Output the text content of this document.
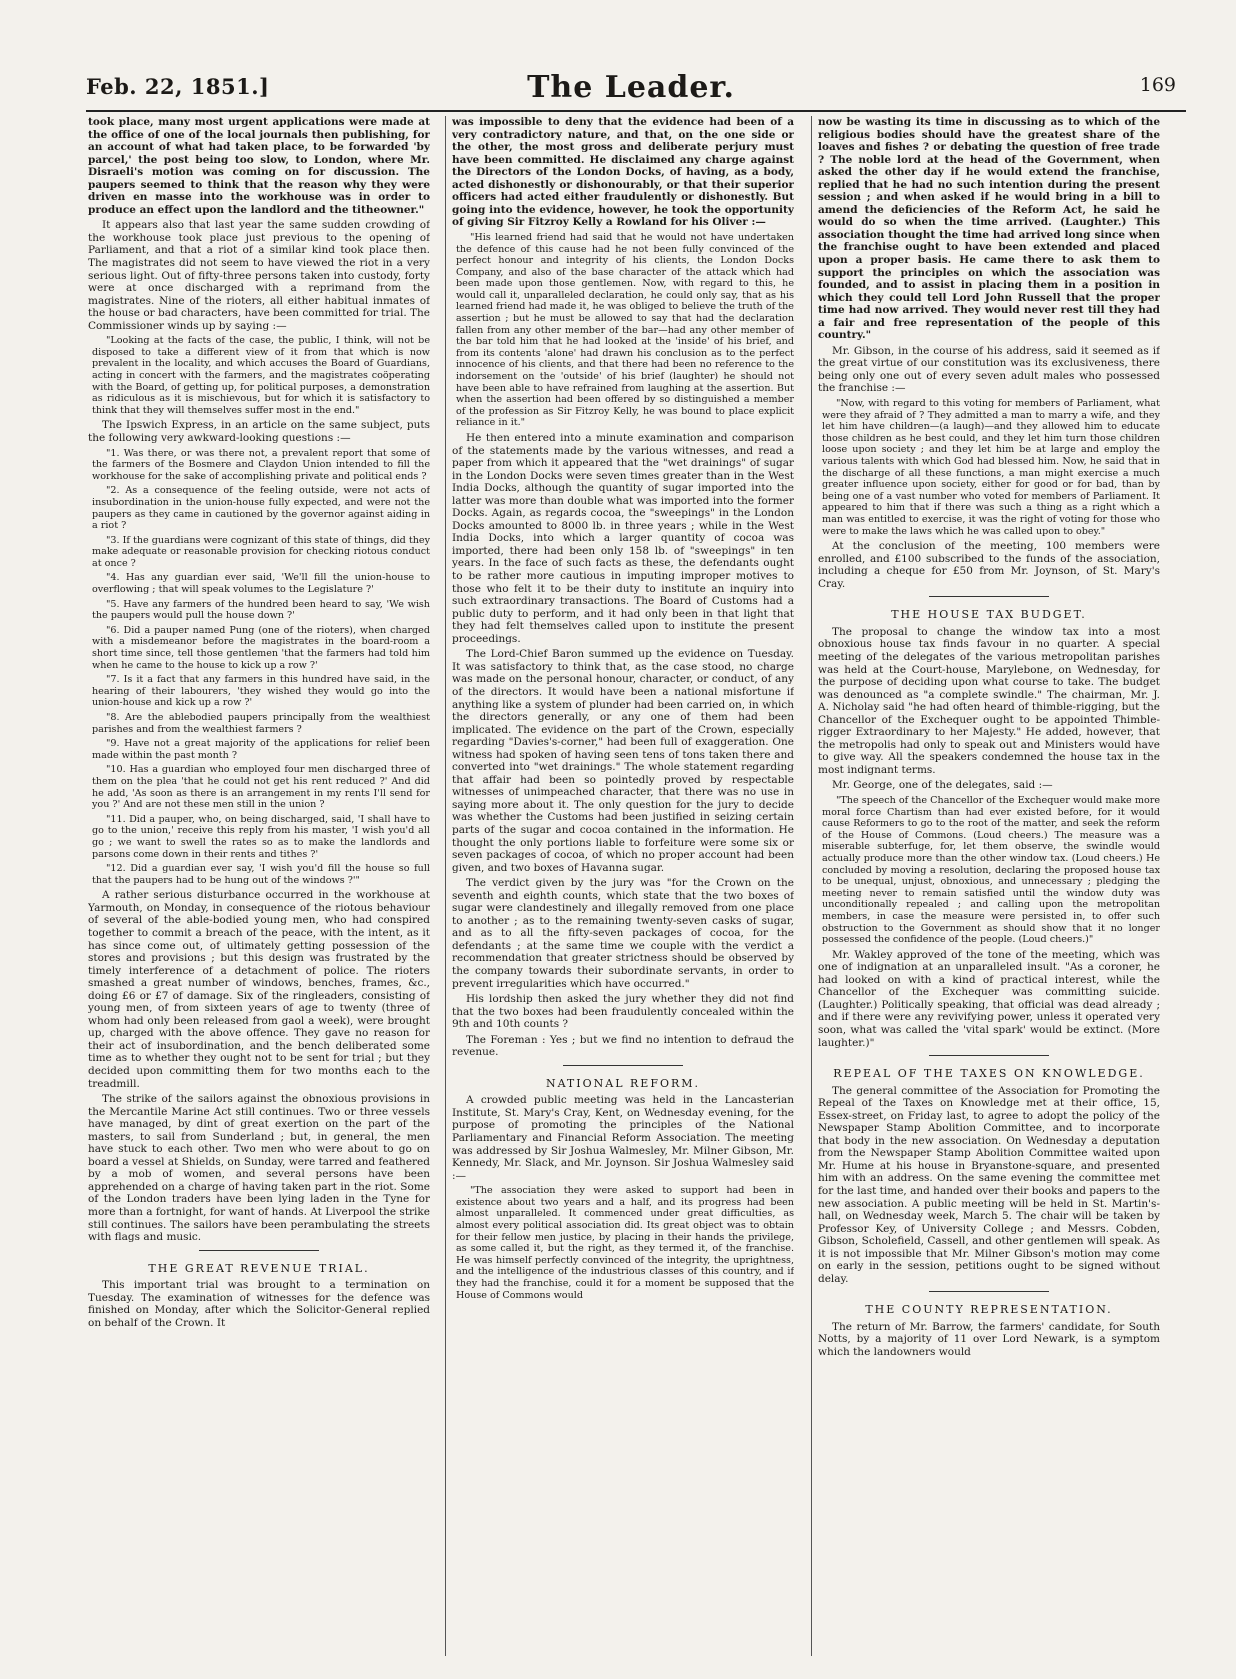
Feb. 22, 1851.]	The Leader.	169

took place, many most urgent applications were made at the office of one of the local journals then publishing, for an account of what had taken place, to be forwarded 'by parcel,' the post being too slow, to London, where Mr. Disraeli's motion was coming on for discussion. The paupers seemed to think that the reason why they were driven en masse into the workhouse was in order to produce an effect upon the landlord and the titheowner."

It appears also that last year the same sudden crowding of the workhouse took place just previous to the opening of Parliament, and that a riot of a similar kind took place then. The magistrates did not seem to have viewed the riot in a very serious light. Out of fifty-three persons taken into custody, forty were at once discharged with a reprimand from the magistrates. Nine of the rioters, all either habitual inmates of the house or bad characters, have been committed for trial. The Commissioner winds up by saying :—

"Looking at the facts of the case, the public, I think, will not be disposed to take a different view of it from that which is now prevalent in the locality, and which accuses the Board of Guardians, acting in concert with the farmers, and the magistrates coöperating with the Board, of getting up, for political purposes, a demonstration as ridiculous as it is mischievous, but for which it is satisfactory to think that they will themselves suffer most in the end."

The Ipswich Express, in an article on the same subject, puts the following very awkward-looking questions :—

"1. Was there, or was there not, a prevalent report that some of the farmers of the Bosmere and Claydon Union intended to fill the workhouse for the sake of accomplishing private and political ends ?

"2. As a consequence of the feeling outside, were not acts of insubordination in the union-house fully expected, and were not the paupers as they came in cautioned by the governor against aiding in a riot ?

"3. If the guardians were cognizant of this state of things, did they make adequate or reasonable provision for checking riotous conduct at once ?

"4. Has any guardian ever said, 'We'll fill the union-house to overflowing ; that will speak volumes to the Legislature ?'

"5. Have any farmers of the hundred been heard to say, 'We wish the paupers would pull the house down ?'

"6. Did a pauper named Pung (one of the rioters), when charged with a misdemeanor before the magistrates in the board-room a short time since, tell those gentlemen 'that the farmers had told him when he came to the house to kick up a row ?'

"7. Is it a fact that any farmers in this hundred have said, in the hearing of their labourers, 'they wished they would go into the union-house and kick up a row ?'

"8. Are the ablebodied paupers principally from the wealthiest parishes and from the wealthiest farmers ?

"9. Have not a great majority of the applications for relief been made within the past month ?

"10. Has a guardian who employed four men discharged three of them on the plea 'that he could not get his rent reduced ?' And did he add, 'As soon as there is an arrangement in my rents I'll send for you ?' And are not these men still in the union ?

"11. Did a pauper, who, on being discharged, said, 'I shall have to go to the union,' receive this reply from his master, 'I wish you'd all go ; we want to swell the rates so as to make the landlords and parsons come down in their rents and tithes ?'

"12. Did a guardian ever say, 'I wish you'd fill the house so full that the paupers had to be hung out of the windows ?'"

A rather serious disturbance occurred in the workhouse at Yarmouth, on Monday, in consequence of the riotous behaviour of several of the able-bodied young men, who had conspired together to commit a breach of the peace, with the intent, as it has since come out, of ultimately getting possession of the stores and provisions ; but this design was frustrated by the timely interference of a detachment of police. The rioters smashed a great number of windows, benches, frames, &c., doing £6 or £7 of damage. Six of the ringleaders, consisting of young men, of from sixteen years of age to twenty (three of whom had only been released from gaol a week), were brought up, charged with the above offence. They gave no reason for their act of insubordination, and the bench deliberated some time as to whether they ought not to be sent for trial ; but they decided upon committing them for two months each to the treadmill.

The strike of the sailors against the obnoxious provisions in the Mercantile Marine Act still continues. Two or three vessels have managed, by dint of great exertion on the part of the masters, to sail from Sunderland ; but, in general, the men have stuck to each other. Two men who were about to go on board a vessel at Shields, on Sunday, were tarred and feathered by a mob of women, and several persons have been apprehended on a charge of having taken part in the riot. Some of the London traders have been lying laden in the Tyne for more than a fortnight, for want of hands. At Liverpool the strike still continues. The sailors have been perambulating the streets with flags and music.

THE GREAT REVENUE TRIAL.

This important trial was brought to a termination on Tuesday. The examination of witnesses for the defence was finished on Monday, after which the Solicitor-General replied on behalf of the Crown. It

was impossible to deny that the evidence had been of a very contradictory nature, and that, on the one side or the other, the most gross and deliberate perjury must have been committed. He disclaimed any charge against the Directors of the London Docks, of having, as a body, acted dishonestly or dishonourably, or that their superior officers had acted either fraudulently or dishonestly. But going into the evidence, however, he took the opportunity of giving Sir Fitzroy Kelly a Rowland for his Oliver :—

"His learned friend had said that he would not have undertaken the defence of this cause had he not been fully convinced of the perfect honour and integrity of his clients, the London Docks Company, and also of the base character of the attack which had been made upon those gentlemen. Now, with regard to this, he would call it, unparalleled declaration, he could only say, that as his learned friend had made it, he was obliged to believe the truth of the assertion ; but he must be allowed to say that had the declaration fallen from any other member of the bar—had any other member of the bar told him that he had looked at the 'inside' of his brief, and from its contents 'alone' had drawn his conclusion as to the perfect innocence of his clients, and that there had been no reference to the indorsement on the 'outside' of his brief (laughter) he should not have been able to have refrained from laughing at the assertion. But when the assertion had been offered by so distinguished a member of the profession as Sir Fitzroy Kelly, he was bound to place explicit reliance in it."

He then entered into a minute examination and comparison of the statements made by the various witnesses, and read a paper from which it appeared that the "wet drainings" of sugar in the London Docks were seven times greater than in the West India Docks, although the quantity of sugar imported into the latter was more than double what was imported into the former Docks. Again, as regards cocoa, the "sweepings" in the London Docks amounted to 8000 lb. in three years ; while in the West India Docks, into which a larger quantity of cocoa was imported, there had been only 158 lb. of "sweepings" in ten years. In the face of such facts as these, the defendants ought to be rather more cautious in imputing improper motives to those who felt it to be their duty to institute an inquiry into such extraordinary transactions. The Board of Customs had a public duty to perform, and it had only been in that light that they had felt themselves called upon to institute the present proceedings.

The Lord-Chief Baron summed up the evidence on Tuesday. It was satisfactory to think that, as the case stood, no charge was made on the personal honour, character, or conduct, of any of the directors. It would have been a national misfortune if anything like a system of plunder had been carried on, in which the directors generally, or any one of them had been implicated. The evidence on the part of the Crown, especially regarding "Davies's-corner," had been full of exaggeration. One witness had spoken of having seen tens of tons taken there and converted into "wet drainings." The whole statement regarding that affair had been so pointedly proved by respectable witnesses of unimpeached character, that there was no use in saying more about it. The only question for the jury to decide was whether the Customs had been justified in seizing certain parts of the sugar and cocoa contained in the information. He thought the only portions liable to forfeiture were some six or seven packages of cocoa, of which no proper account had been given, and two boxes of Havanna sugar.

The verdict given by the jury was "for the Crown on the seventh and eighth counts, which state that the two boxes of sugar were clandestinely and illegally removed from one place to another ; as to the remaining twenty-seven casks of sugar, and as to all the fifty-seven packages of cocoa, for the defendants ; at the same time we couple with the verdict a recommendation that greater strictness should be observed by the company towards their subordinate servants, in order to prevent irregularities which have occurred."

His lordship then asked the jury whether they did not find that the two boxes had been fraudulently concealed within the 9th and 10th counts ?

The Foreman : Yes ; but we find no intention to defraud the revenue.

NATIONAL REFORM.

A crowded public meeting was held in the Lancasterian Institute, St. Mary's Cray, Kent, on Wednesday evening, for the purpose of promoting the principles of the National Parliamentary and Financial Reform Association. The meeting was addressed by Sir Joshua Walmesley, Mr. Milner Gibson, Mr. Kennedy, Mr. Slack, and Mr. Joynson. Sir Joshua Walmesley said :—

"The association they were asked to support had been in existence about two years and a half, and its progress had been almost unparalleled. It commenced under great difficulties, as almost every political association did. Its great object was to obtain for their fellow men justice, by placing in their hands the privilege, as some called it, but the right, as they termed it, of the franchise. He was himself perfectly convinced of the integrity, the uprightness, and the intelligence of the industrious classes of this country, and if they had the franchise, could it for a moment be supposed that the House of Commons would

now be wasting its time in discussing as to which of the religious bodies should have the greatest share of the loaves and fishes ? or debating the question of free trade ? The noble lord at the head of the Government, when asked the other day if he would extend the franchise, replied that he had no such intention during the present session ; and when asked if he would bring in a bill to amend the deficiencies of the Reform Act, he said he would do so when the time arrived. (Laughter.) This association thought the time had arrived long since when the franchise ought to have been extended and placed upon a proper basis. He came there to ask them to support the principles on which the association was founded, and to assist in placing them in a position in which they could tell Lord John Russell that the proper time had now arrived. They would never rest till they had a fair and free representation of the people of this country."

Mr. Gibson, in the course of his address, said it seemed as if the great virtue of our constitution was its exclusiveness, there being only one out of every seven adult males who possessed the franchise :—

"Now, with regard to this voting for members of Parliament, what were they afraid of ? They admitted a man to marry a wife, and they let him have children—(a laugh)—and they allowed him to educate those children as he best could, and they let him turn those children loose upon society ; and they let him be at large and employ the various talents with which God had blessed him. Now, he said that in the discharge of all these functions, a man might exercise a much greater influence upon society, either for good or for bad, than by being one of a vast number who voted for members of Parliament. It appeared to him that if there was such a thing as a right which a man was entitled to exercise, it was the right of voting for those who were to make the laws which he was called upon to obey."

At the conclusion of the meeting, 100 members were enrolled, and £100 subscribed to the funds of the association, including a cheque for £50 from Mr. Joynson, of St. Mary's Cray.

THE HOUSE TAX BUDGET.

The proposal to change the window tax into a most obnoxious house tax finds favour in no quarter. A special meeting of the delegates of the various metropolitan parishes was held at the Court-house, Marylebone, on Wednesday, for the purpose of deciding upon what course to take. The budget was denounced as "a complete swindle." The chairman, Mr. J. A. Nicholay said "he had often heard of thimble-rigging, but the Chancellor of the Exchequer ought to be appointed Thimble-rigger Extraordinary to her Majesty." He added, however, that the metropolis had only to speak out and Ministers would have to give way. All the speakers condemned the house tax in the most indignant terms.

Mr. George, one of the delegates, said :—

"The speech of the Chancellor of the Exchequer would make more moral force Chartism than had ever existed before, for it would cause Reformers to go to the root of the matter, and seek the reform of the House of Commons. (Loud cheers.) The measure was a miserable subterfuge, for, let them observe, the swindle would actually produce more than the other window tax. (Loud cheers.) He concluded by moving a resolution, declaring the proposed house tax to be unequal, unjust, obnoxious, and unnecessary ; pledging the meeting never to remain satisfied until the window duty was unconditionally repealed ; and calling upon the metropolitan members, in case the measure were persisted in, to offer such obstruction to the Government as should show that it no longer possessed the confidence of the people. (Loud cheers.)"

Mr. Wakley approved of the tone of the meeting, which was one of indignation at an unparalleled insult. "As a coroner, he had looked on with a kind of practical interest, while the Chancellor of the Exchequer was committing suicide. (Laughter.) Politically speaking, that official was dead already ; and if there were any revivifying power, unless it operated very soon, what was called the 'vital spark' would be extinct. (More laughter.)"

REPEAL OF THE TAXES ON KNOWLEDGE.

The general committee of the Association for Promoting the Repeal of the Taxes on Knowledge met at their office, 15, Essex-street, on Friday last, to agree to adopt the policy of the Newspaper Stamp Abolition Committee, and to incorporate that body in the new association. On Wednesday a deputation from the Newspaper Stamp Abolition Committee waited upon Mr. Hume at his house in Bryanstone-square, and presented him with an address. On the same evening the committee met for the last time, and handed over their books and papers to the new association. A public meeting will be held in St. Martin's-hall, on Wednesday week, March 5. The chair will be taken by Professor Key, of University College ; and Messrs. Cobden, Gibson, Scholefield, Cassell, and other gentlemen will speak. As it is not impossible that Mr. Milner Gibson's motion may come on early in the session, petitions ought to be signed without delay.

THE COUNTY REPRESENTATION.

The return of Mr. Barrow, the farmers' candidate, for South Notts, by a majority of 11 over Lord Newark, is a symptom which the landowners would
